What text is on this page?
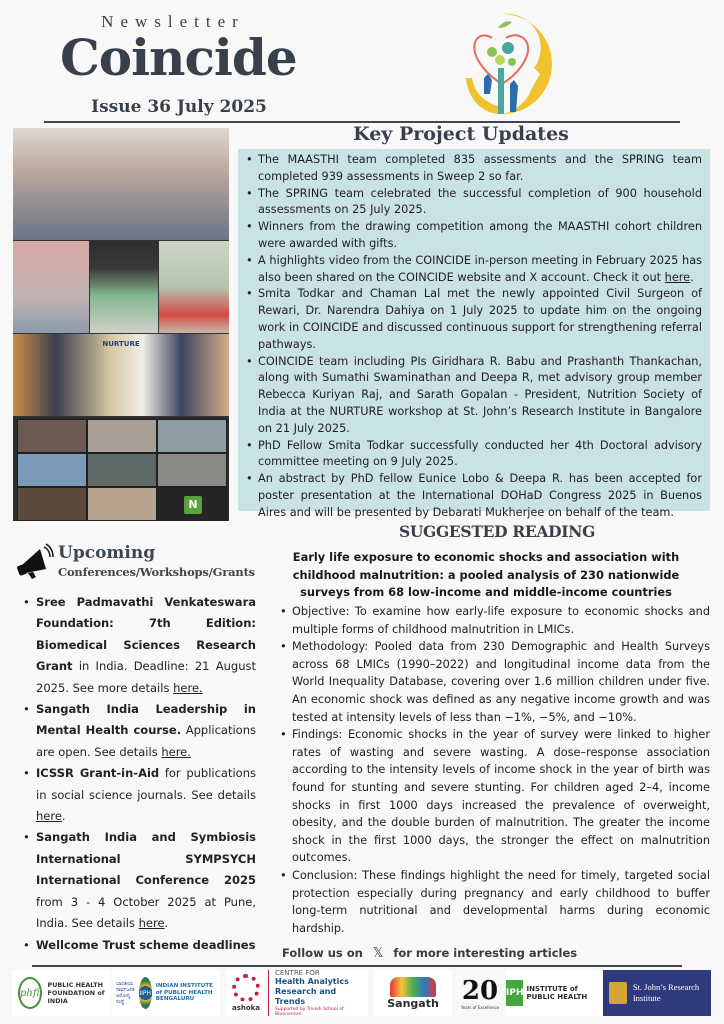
Newsletter
Coincide
Issue 36 July 2025
NURTURE
N
Key Project Updates
• The MAASTHI team completed 835 assessments and the SPRING team completed 939 assessments in Sweep 2 so far.
• The SPRING team celebrated the successful completion of 900 household assessments on 25 July 2025.
• Winners from the drawing competition among the MAASTHI cohort children were awarded with gifts.
• A highlights video from the COINCIDE in-person meeting in February 2025 has also been shared on the COINCIDE website and X account. Check it out here.
• Smita Todkar and Chaman Lal met the newly appointed Civil Surgeon of Rewari, Dr. Narendra Dahiya on 1 July 2025 to update him on the ongoing work in COINCIDE and discussed continuous support for strengthening referral pathways.
• COINCIDE team including PIs Giridhara R. Babu and Prashanth Thankachan, along with Sumathi Swaminathan and Deepa R, met advisory group member Rebecca Kuriyan Raj, and Sarath Gopalan - President, Nutrition Society of India at the NURTURE workshop at St. John’s Research Institute in Bangalore on 21 July 2025.
• PhD Fellow Smita Todkar successfully conducted her 4th Doctoral advisory committee meeting on 9 July 2025.
• An abstract by PhD fellow Eunice Lobo & Deepa R. has been accepted for poster presentation at the International DOHaD Congress 2025 in Buenos Aires and will be presented by Debarati Mukherjee on behalf of the team.
Upcoming
Conferences/Workshops/Grants
• Sree Padmavathi Venkateswara Foundation: 7th Edition: Biomedical Sciences Research Grant in India. Deadline: 21 August 2025. See more details here.
• Sangath India Leadership in Mental Health course. Applications are open. See details here.
• ICSSR Grant-in-Aid for publications in social science journals. See details here.
• Sangath India and Symbiosis International SYMPSYCH International Conference 2025 from 3 - 4 October 2025 at Pune, India. See details here.
• Wellcome Trust scheme deadlines
SUGGESTED READING
Early life exposure to economic shocks and association with childhood malnutrition: a pooled analysis of 230 nationwide surveys from 68 low-income and middle-income countries
• Objective: To examine how early-life exposure to economic shocks and multiple forms of childhood malnutrition in LMICs.
• Methodology: Pooled data from 230 Demographic and Health Surveys across 68 LMICs (1990–2022) and longitudinal income data from the World Inequality Database, covering over 1.6 million children under five. An economic shock was defined as any negative income growth and was tested at intensity levels of less than −1%, −5%, and −10%.
• Findings: Economic shocks in the year of survey were linked to higher rates of wasting and severe wasting. A dose–response association according to the intensity levels of income shock in the year of birth was found for stunting and severe stunting. For children aged 2–4, income shocks in first 1000 days increased the prevalence of overweight, obesity, and the double burden of malnutrition. The greater the income shock in the first 1000 days, the stronger the effect on malnutrition outcomes.
• Conclusion: These findings highlight the need for timely, targeted social protection especially during pregnancy and early childhood to buffer long-term nutritional and developmental harms during economic hardship.
Follow us on 𝕏 for more interesting articles
phfi
PUBLIC HEALTH FOUNDATION of INDIA
ಭಾರತೀಯ ಸಾರ್ವಜನಿಕ ಆರೋಗ್ಯ ಸಂಸ್ಥೆ
IIPH
INDIAN INSTITUTE of PUBLIC HEALTH BENGALURU
ashoka
CENTRE FOR
Health Analytics Research and Trends
Supported by Trivedi School of Biosciences
Sangath 20
Years of Excellence
IPH INSTITUTE of PUBLIC HEALTH
St. John’s Research Institute
